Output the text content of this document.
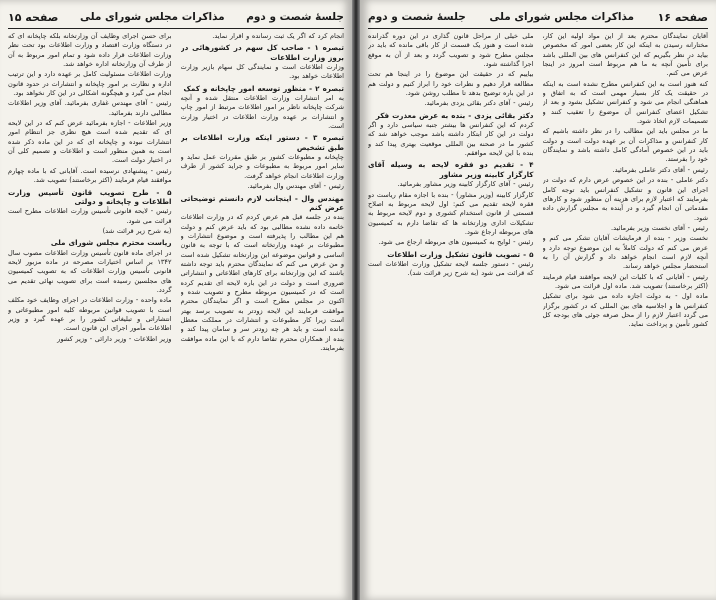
جلسهٔ شصت و دوم
مذاکرات مجلس شورای ملی
صفحه ۱۵

انجام کرد که اگر یک ثبت رسانده و اقرار نماید.

تبصره ۱ - صاحب کل سهم در کشورهائی در بروز وزارت اطلاعات

وزارت اطلاعات است و نمایندگی کل سهام بازیر وزارت اطلاعات خواهد بود.

تبصره ۲ - منظور توسعه امور چاپخانه و کمک

به امر انتشارات وزارت اطلاعات منتقل شده و آنچه شرکت چاپخانه ناظر بر امور اطلاعات مرتبط از امور چاپ و انتشارات بر عهده وزارت اطلاعات در اختیار وزارت است.

تبصره ۳ - دستور اینکه وزارت اطلاعات بر طبق تشخیص

چاپخانه و مطبوعات کشور بر طبق مقررات عمل نماید و سایر امور مربوط به مطبوعات و جراید کشور از طرف وزارت اطلاعات انجام خواهد گرفت.

رئیس - آقای مهندس وال بفرمائید.

مهندس وال - اینجانب لازم دانستم توضیحاتی عرض کنم

بنده در جلسه قبل هم عرض کردم که در وزارت اطلاعات خاتمه داده نشده مطالبی بود که باید عرض کنم و دولت هم این مطالب را پذیرفته است و موضوع انتشارات و مطبوعات بر عهده وزارتخانه است که با توجه به قانون اساسی و قوانین موضوعه این وزارتخانه تشکیل شده است و من عرض می کنم که نمایندگان محترم باید توجه داشته باشند که این وزارتخانه برای کارهای اطلاعاتی و انتشاراتی ضروری است و دولت در این باره لایحه ای تقدیم کرده است که در کمیسیون مربوطه مطرح و تصویب شده و اکنون در مجلس مطرح است و اگر نمایندگان محترم موافقت فرمایند این لایحه زودتر به تصویب برسد بهتر است زیرا کار مطبوعات و انتشارات در مملکت معطل مانده است و باید هر چه زودتر سر و سامان پیدا کند و بنده از همکاران محترم تقاضا دارم که با این ماده موافقت بفرمایند.

برای حسن اجرای وظایف آن وزارتخانه بلکه چاپخانه ای که در دستگاه وزارت اقتصاد و وزارت اطلاعات بود تحت نظر وزارت اطلاعات قرار داده شود و تمام امور مربوط به آن از طرف آن وزارتخانه اداره خواهد شد.

وزارت اطلاعات مسئولیت کامل بر عهده دارد و این ترتیب اداره و نظارت بر امور چاپخانه و انتشارات در حدود قانون انجام می گیرد و هیچگونه اشکالی در این کار نخواهد بود.

رئیس - آقای مهندس غفاری بفرمائید. آقای وزیر اطلاعات مطالبی دارند بفرمائید.

وزیر اطلاعات - اجازه بفرمائید عرض کنم که در این لایحه ای که تقدیم شده است هیچ نظری جز انتظام امور انتشارات نبوده و چاپخانه ای که در این ماده ذکر شده است به همین منظور است و اطلاعات و تصمیم کلی آن در اختیار دولت است.

رئیس - پیشنهادی نرسیده است. آقایانی که با ماده چهارم موافقند قیام فرمایند (اکثر برخاستند) تصویب شد.

۵ - طرح تصویب قانون تأسیس وزارت اطلاعات و چاپخانه و دولتی

رئیس - لایحه قانونی تأسیس وزارت اطلاعات مطرح است قرائت می شود.

(به شرح زیر قرائت شد)

ریاست محترم مجلس شورای ملی

در اجرای ماده قانون تأسیس وزارت اطلاعات مصوب سال ۱۳۴۲ بر اساس اختیارات مصرحه در ماده مزبور لایحه قانونی تأسیس وزارت اطلاعات که به تصویب کمیسیون های مجلسین رسیده است برای تصویب نهائی تقدیم می گردد.

ماده واحده - وزارت اطلاعات در اجرای وظایف خود مکلف است با تصویب قوانین مربوطه کلیه امور مطبوعاتی و انتشاراتی و تبلیغاتی کشور را بر عهده گیرد و وزیر اطلاعات مأمور اجرای این قانون است.

وزیر اطلاعات - وزیر دارائی - وزیر کشور

صفحه ۱۶
مذاکرات مجلس شورای ملی
جلسهٔ شصت و دوم

آقایان نمایندگان محترم بعد از این مواد اولیه این کار، مختارانه رسیدن به اینکه این کار بعضی امور که مخصوص بیاید در نظر بگیریم که این کنفرانس های بین المللی باشد برای تأمین آنچه به ما هم مربوط است امروز در اینجا عرض می کنم.

کنه هنوز است به این کنفرانس مطرح نشده است به اینکه در حقیقت یک کار بسیار مهمی است که به اتفاق و هماهنگی انجام می شود و کنفرانس تشکیل بشود و بعد از تشکیل اعضای کنفرانس آن موضوع را تعقیب کنند و تصمیمات لازم اتخاذ شود.

ما در مجلس باید این مطالب را در نظر داشته باشیم که کار کنفرانس و مذاکرات آن بر عهده دولت است و دولت باید در این خصوص آمادگی کامل داشته باشد و نمایندگان خود را بفرستد.

رئیس - آقای دکتر عاملی بفرمائید.

دکتر عاملی - بنده در این خصوص عرض دارم که دولت در اجرای این قانون و تشکیل کنفرانس باید توجه کامل بفرمایند که اعتبار لازم برای هزینه آن منظور شود و کارهای مقدماتی آن انجام گیرد و در آینده به مجلس گزارش داده شود.

رئیس - آقای نخست وزیر بفرمائید.

نخست وزیر - بنده از فرمایشات آقایان تشکر می کنم و عرض می کنم که دولت کاملاً به این موضوع توجه دارد و آنچه لازم است انجام خواهد داد و گزارش آن را به استحضار مجلس خواهد رساند.

رئیس - آقایانی که با کلیات این لایحه موافقند قیام فرمایند (اکثر برخاستند) تصویب شد. ماده اول قرائت می شود.

ماده اول - به دولت اجازه داده می شود برای تشکیل کنفرانس ها و اجلاسیه های بین المللی که در کشور برگزار می گردد اعتبار لازم را از محل صرفه جوئی های بودجه کل کشور تأمین و پرداخت نماید.

ملی خیلی از مراحل قانون گذاری در این دوره گذرانده شده است و هنوز یک قسمت از کار باقی مانده که باید در مجلس مطرح شود و تصویب گردد و بعد از آن به موقع اجرا گذاشته شود.

بیاییم که در حقیقت این موضوع را در اینجا هم تحت مطالعه قرار دهیم و نظرات خود را ابراز کنیم و دولت هم در این باره توضیح بدهد تا مطلب روشن شود.

رئیس - آقای دکتر بقائی یزدی بفرمائید.

دکتر بقائی یزدی - بنده به عرض معذرت فکر

کردم که این کنفرانس ها بیشتر جنبه سیاسی دارد و اگر دولت در این کار ابتکار داشته باشد موجب خواهد شد که کشور ما در صحنه بین المللی موقعیت بهتری پیدا کند و بنده با این لایحه موافقم.

۴ - تقدیم دو فقره لایحه به وسیله آقای کارگزار کابینه وزیر مشاور

رئیس - آقای کارگزار کابینه وزیر مشاور بفرمائید.

کارگزار کابینه (وزیر مشاور) - بنده با اجازه مقام ریاست دو فقره لایحه تقدیم می کنم: اول لایحه مربوط به اصلاح قسمتی از قانون استخدام کشوری و دوم لایحه مربوط به تشکیلات اداری وزارتخانه ها که تقاضا دارم به کمیسیون های مربوطه ارجاع شود.

رئیس - لوایح به کمیسیون های مربوطه ارجاع می شود.

۵ - تصویب قانون تشکیل وزارت اطلاعات

رئیس - دستور جلسه لایحه تشکیل وزارت اطلاعات است که قرائت می شود (به شرح زیر قرائت شد).
